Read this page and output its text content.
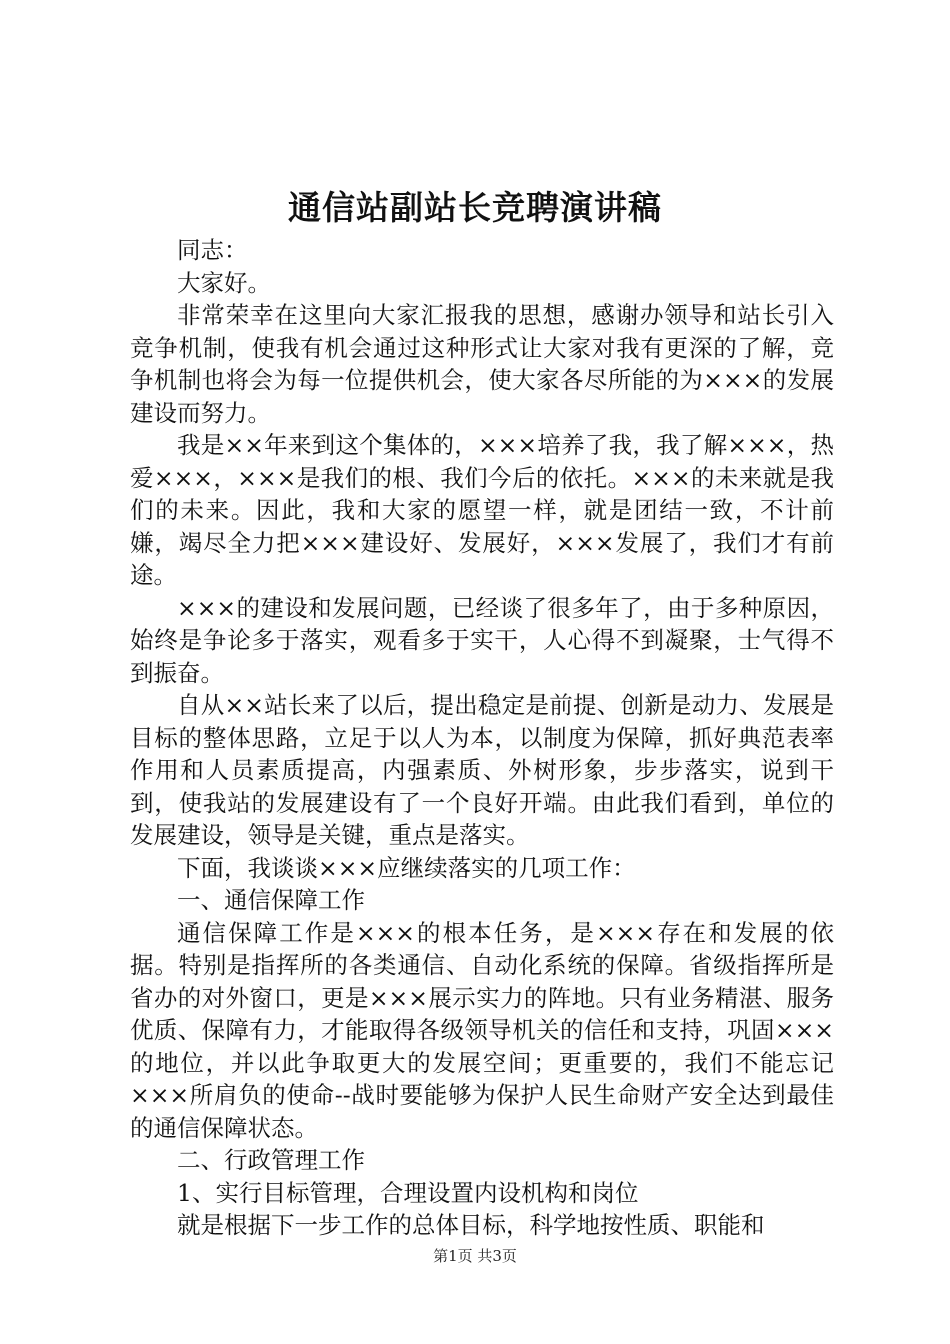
通信站副站长竞聘演讲稿

同志：

大家好。

非常荣幸在这里向大家汇报我的思想，感谢办领导和站长引入竞争机制，使我有机会通过这种形式让大家对我有更深的了解，竞争机制也将会为每一位提供机会，使大家各尽所能的为×××的发展建设而努力。

我是××年来到这个集体的，×××培养了我，我了解×××，热爱×××，×××是我们的根、我们今后的依托。×××的未来就是我们的未来。因此，我和大家的愿望一样，就是团结一致，不计前嫌，竭尽全力把×××建设好、发展好，×××发展了，我们才有前途。

×××的建设和发展问题，已经谈了很多年了，由于多种原因，始终是争论多于落实，观看多于实干，人心得不到凝聚，士气得不到振奋。

自从××站长来了以后，提出稳定是前提、创新是动力、发展是目标的整体思路，立足于以人为本，以制度为保障，抓好典范表率作用和人员素质提高，内强素质、外树形象，步步落实，说到干到，使我站的发展建设有了一个良好开端。由此我们看到，单位的发展建设，领导是关键，重点是落实。

下面，我谈谈×××应继续落实的几项工作：

一、通信保障工作

通信保障工作是×××的根本任务，是×××存在和发展的依据。特别是指挥所的各类通信、自动化系统的保障。省级指挥所是省办的对外窗口，更是×××展示实力的阵地。只有业务精湛、服务优质、保障有力，才能取得各级领导机关的信任和支持，巩固×××的地位，并以此争取更大的发展空间；更重要的，我们不能忘记×××所肩负的使命--战时要能够为保护人民生命财产安全达到最佳的通信保障状态。

二、行政管理工作

1、实行目标管理，合理设置内设机构和岗位

就是根据下一步工作的总体目标，科学地按性质、职能和

第1页 共3页
